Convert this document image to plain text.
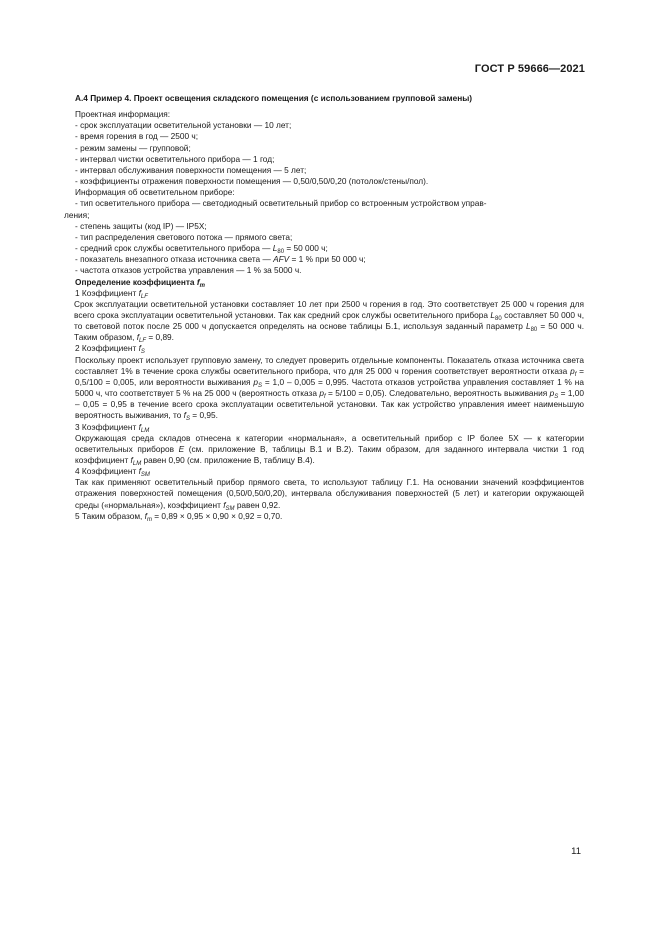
ГОСТ Р 59666—2021

А.4 Пример 4. Проект освещения складского помещения (с использованием групповой замены)

Проектная информация:

- срок эксплуатации осветительной установки — 10 лет;

- время горения в год — 2500 ч;

- режим замены — групповой;

- интервал чистки осветительного прибора — 1 год;

- интервал обслуживания поверхности помещения — 5 лет;

- коэффициенты отражения поверхности помещения — 0,50/0,50/0,20 (потолок/стены/пол).

Информация об осветительном приборе:

- тип осветительного прибора — светодиодный осветительный прибор со встроенным устройством управ-

ления;

- степень защиты (код IP) — IP5X;

- тип распределения светового потока — прямого света;

- средний срок службы осветительного прибора — $L_{80} = 50$ 000 ч;

- показатель внезапного отказа источника света — AFV = 1 % при 50 000 ч;

- частота отказов устройства управления — 1 % за 5000 ч.

Определение коэффициента $f_m$

1 Коэффициент $f_{LF}$

Срок эксплуатации осветительной установки составляет 10 лет при 2500 ч горения в год. Это соответствует 25 000 ч горения для всего срока эксплуатации осветительной установки. Так как средний срок службы осветительного прибора $L_{80}$ составляет 50 000 ч, то световой поток после 25 000 ч допускается определять на основе таблицы Б.1, используя заданный параметр $L_{80} = 50$ 000 ч. Таким образом, $f_{LF} = 0,89$.

2 Коэффициент $f_S$

Поскольку проект использует групповую замену, то следует проверить отдельные компоненты. Показатель отказа источника света составляет 1% в течение срока службы осветительного прибора, что для 25 000 ч горения соответствует вероятности отказа $p_f = 0,5/100 = 0,005$, или вероятности выживания $p_S = 1,0 - 0,005 = 0,995$. Частота отказов устройства управления составляет 1 % на 5000 ч, что соответствует 5 % на 25 000 ч (вероятность отказа $p_f = 5/100 = 0,05$). Следовательно, вероятность выживания $p_S = 1,00 - 0,05 = 0,95$ в течение всего срока эксплуатации осветительной установки. Так как устройство управления имеет наименьшую вероятность выживания, то $f_S = 0,95$.

3 Коэффициент $f_{LM}$

Окружающая среда складов отнесена к категории «нормальная», а осветительный прибор с IP более 5X — к категории осветительных приборов E (см. приложение В, таблицы В.1 и В.2). Таким образом, для заданного интервала чистки 1 год коэффициент $f_{LM}$ равен 0,90 (см. приложение В, таблицу В.4).

4 Коэффициент $f_{SM}$

Так как применяют осветительный прибор прямого света, то используют таблицу Г.1. На основании значений коэффициентов отражения поверхностей помещения (0,50/0,50/0,20), интервала обслуживания поверхностей (5 лет) и категории окружающей среды («нормальная»), коэффициент $f_{SM}$ равен 0,92.

5 Таким образом, $f_m = 0,89 \times 0,95 \times 0,90 \times 0,92 = 0,70$.

11
